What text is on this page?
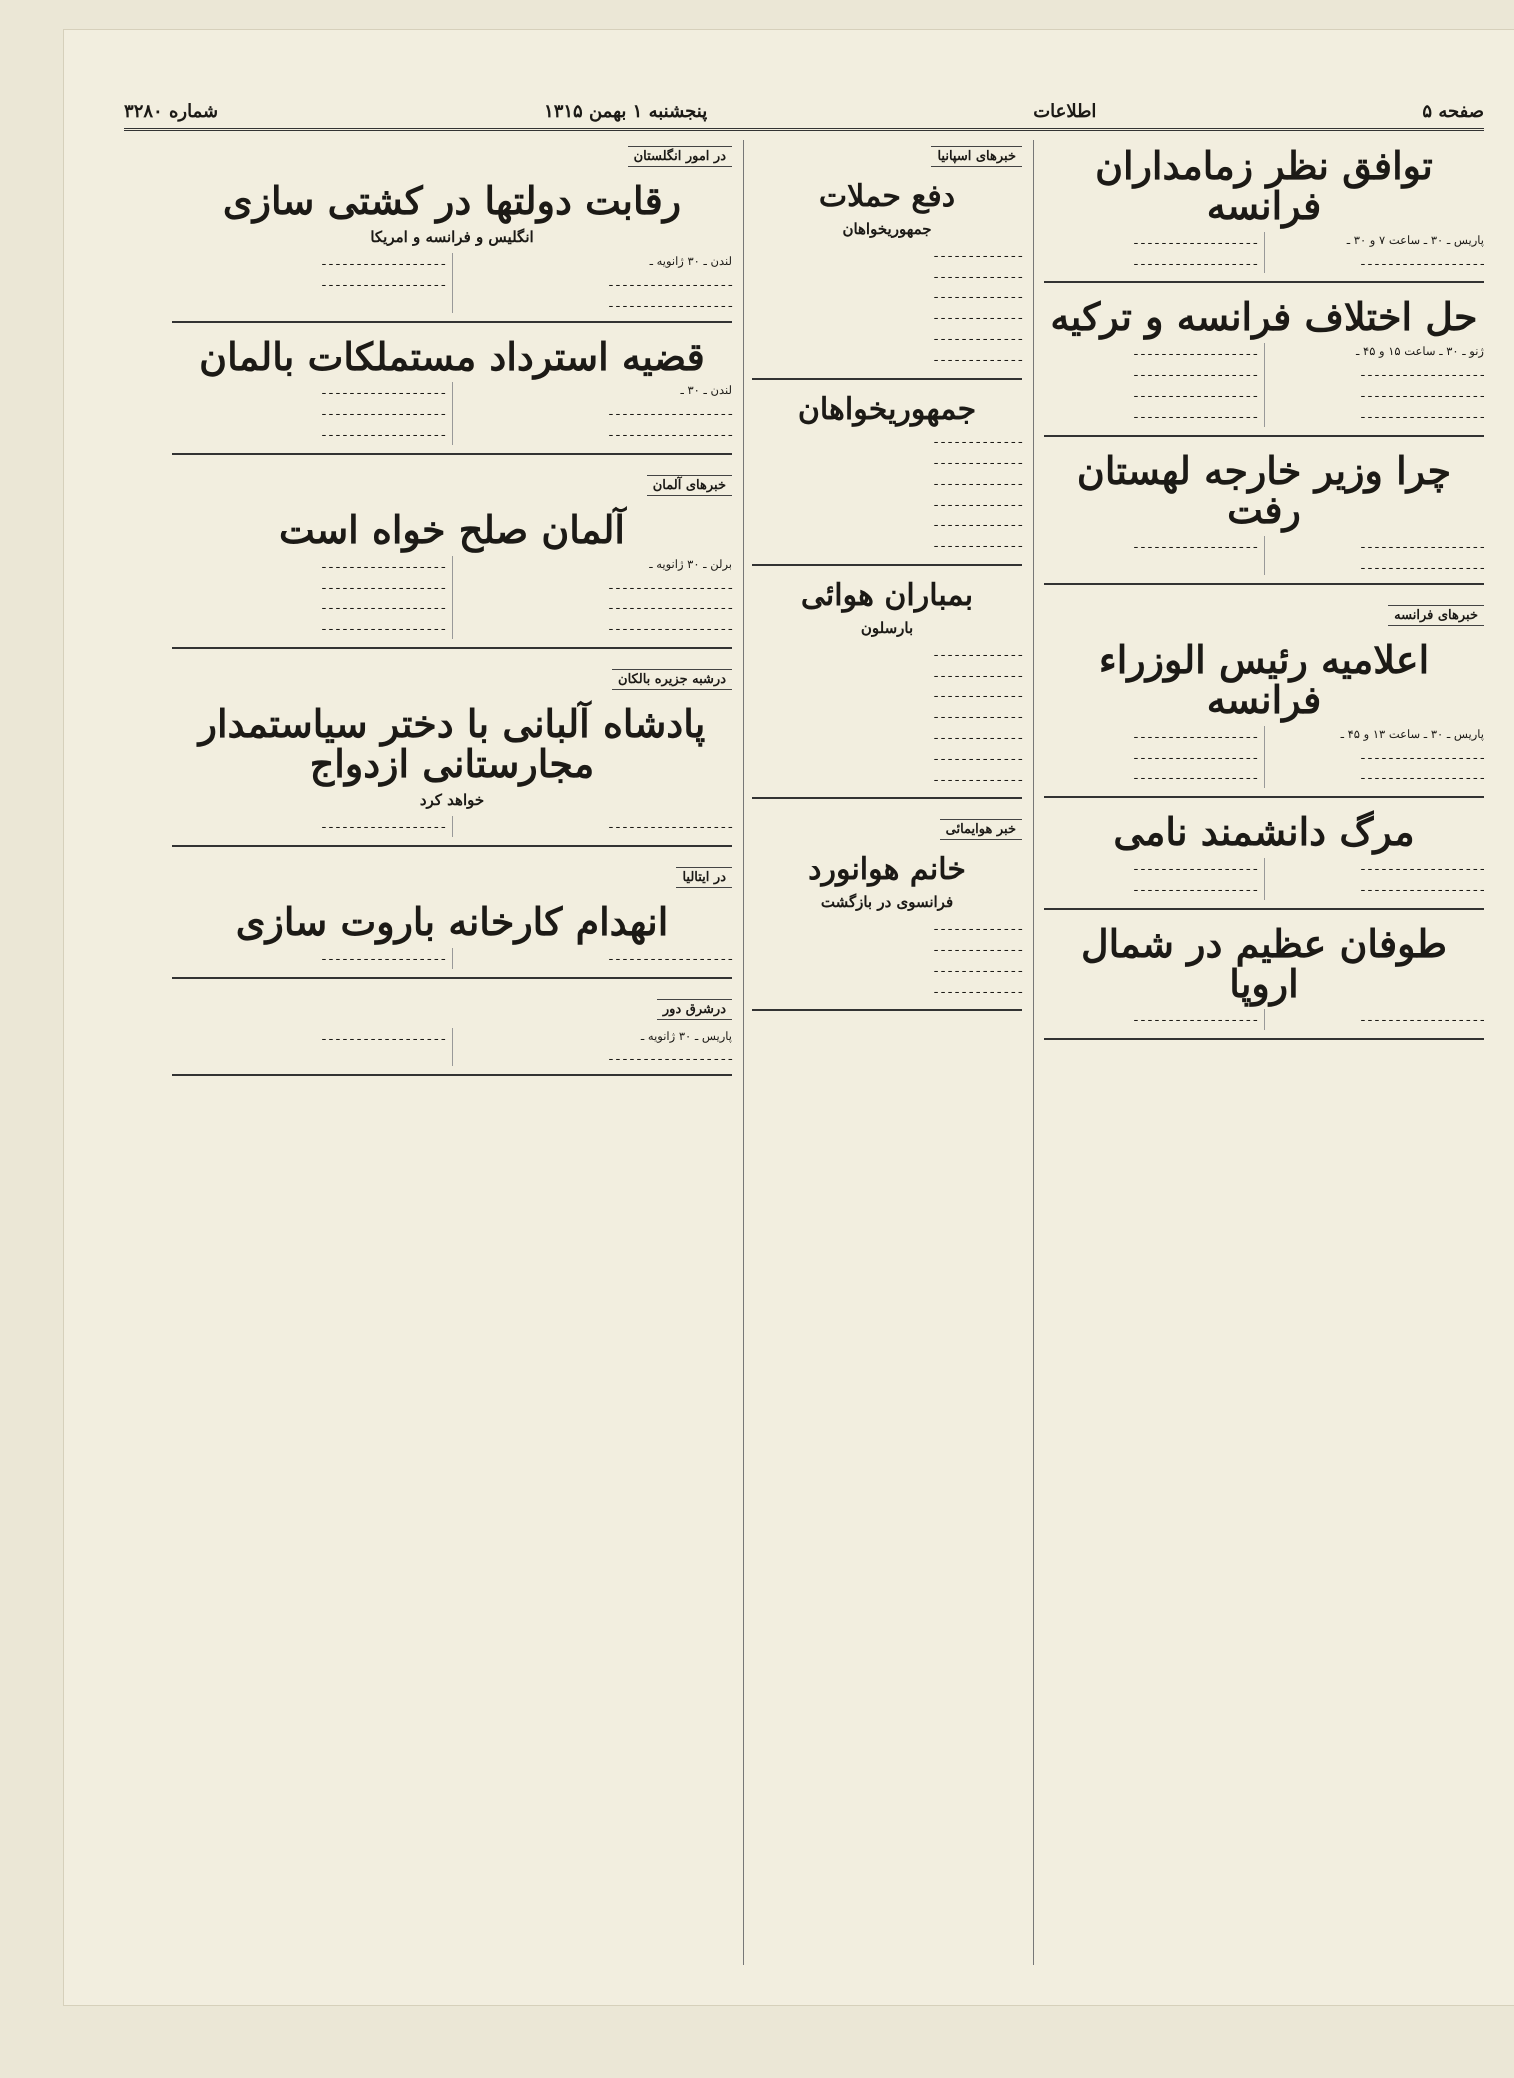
صفحه ۵
اطلاعات
پنجشنبه ۱ بهمن ۱۳۱۵
شماره ۳۲۸۰
توافق نظر زمامداران فرانسه

پاریس ـ ۳۰ ـ ساعت ۷ و ۳۰ ـ

ـ ـ ـ ـ ـ ـ ـ ـ ـ ـ ـ ـ ـ ـ ـ ـ ـ ـ

ـ ـ ـ ـ ـ ـ ـ ـ ـ ـ ـ ـ ـ ـ ـ ـ ـ ـ

ـ ـ ـ ـ ـ ـ ـ ـ ـ ـ ـ ـ ـ ـ ـ ـ ـ ـ

حل اختلاف فرانسه و ترکیه

ژنو ـ ۳۰ ـ ساعت ۱۵ و ۴۵ ـ

ـ ـ ـ ـ ـ ـ ـ ـ ـ ـ ـ ـ ـ ـ ـ ـ ـ ـ

ـ ـ ـ ـ ـ ـ ـ ـ ـ ـ ـ ـ ـ ـ ـ ـ ـ ـ

ـ ـ ـ ـ ـ ـ ـ ـ ـ ـ ـ ـ ـ ـ ـ ـ ـ ـ

ـ ـ ـ ـ ـ ـ ـ ـ ـ ـ ـ ـ ـ ـ ـ ـ ـ ـ

ـ ـ ـ ـ ـ ـ ـ ـ ـ ـ ـ ـ ـ ـ ـ ـ ـ ـ

ـ ـ ـ ـ ـ ـ ـ ـ ـ ـ ـ ـ ـ ـ ـ ـ ـ ـ

ـ ـ ـ ـ ـ ـ ـ ـ ـ ـ ـ ـ ـ ـ ـ ـ ـ ـ

چرا وزیر خارجه لهستان رفت

ـ ـ ـ ـ ـ ـ ـ ـ ـ ـ ـ ـ ـ ـ ـ ـ ـ ـ

ـ ـ ـ ـ ـ ـ ـ ـ ـ ـ ـ ـ ـ ـ ـ ـ ـ ـ

ـ ـ ـ ـ ـ ـ ـ ـ ـ ـ ـ ـ ـ ـ ـ ـ ـ ـ

خبرهای فرانسه
اعلامیه رئیس الوزراء فرانسه

پاریس ـ ۳۰ ـ ساعت ۱۳ و ۴۵ ـ

ـ ـ ـ ـ ـ ـ ـ ـ ـ ـ ـ ـ ـ ـ ـ ـ ـ ـ

ـ ـ ـ ـ ـ ـ ـ ـ ـ ـ ـ ـ ـ ـ ـ ـ ـ ـ

ـ ـ ـ ـ ـ ـ ـ ـ ـ ـ ـ ـ ـ ـ ـ ـ ـ ـ

ـ ـ ـ ـ ـ ـ ـ ـ ـ ـ ـ ـ ـ ـ ـ ـ ـ ـ

ـ ـ ـ ـ ـ ـ ـ ـ ـ ـ ـ ـ ـ ـ ـ ـ ـ ـ

مرگ دانشمند نامی

ـ ـ ـ ـ ـ ـ ـ ـ ـ ـ ـ ـ ـ ـ ـ ـ ـ ـ

ـ ـ ـ ـ ـ ـ ـ ـ ـ ـ ـ ـ ـ ـ ـ ـ ـ ـ

ـ ـ ـ ـ ـ ـ ـ ـ ـ ـ ـ ـ ـ ـ ـ ـ ـ ـ

ـ ـ ـ ـ ـ ـ ـ ـ ـ ـ ـ ـ ـ ـ ـ ـ ـ ـ

طوفان عظیم در شمال اروپا

ـ ـ ـ ـ ـ ـ ـ ـ ـ ـ ـ ـ ـ ـ ـ ـ ـ ـ

ـ ـ ـ ـ ـ ـ ـ ـ ـ ـ ـ ـ ـ ـ ـ ـ ـ ـ

خبرهای اسپانیا
دفع حملات
جمهوریخواهان

ـ ـ ـ ـ ـ ـ ـ ـ ـ ـ ـ ـ ـ

ـ ـ ـ ـ ـ ـ ـ ـ ـ ـ ـ ـ ـ

ـ ـ ـ ـ ـ ـ ـ ـ ـ ـ ـ ـ ـ

ـ ـ ـ ـ ـ ـ ـ ـ ـ ـ ـ ـ ـ

ـ ـ ـ ـ ـ ـ ـ ـ ـ ـ ـ ـ ـ

ـ ـ ـ ـ ـ ـ ـ ـ ـ ـ ـ ـ ـ

جمهوریخواهان

ـ ـ ـ ـ ـ ـ ـ ـ ـ ـ ـ ـ ـ

ـ ـ ـ ـ ـ ـ ـ ـ ـ ـ ـ ـ ـ

ـ ـ ـ ـ ـ ـ ـ ـ ـ ـ ـ ـ ـ

ـ ـ ـ ـ ـ ـ ـ ـ ـ ـ ـ ـ ـ

ـ ـ ـ ـ ـ ـ ـ ـ ـ ـ ـ ـ ـ

ـ ـ ـ ـ ـ ـ ـ ـ ـ ـ ـ ـ ـ

بمباران هوائی
بارسلون

ـ ـ ـ ـ ـ ـ ـ ـ ـ ـ ـ ـ ـ

ـ ـ ـ ـ ـ ـ ـ ـ ـ ـ ـ ـ ـ

ـ ـ ـ ـ ـ ـ ـ ـ ـ ـ ـ ـ ـ

ـ ـ ـ ـ ـ ـ ـ ـ ـ ـ ـ ـ ـ

ـ ـ ـ ـ ـ ـ ـ ـ ـ ـ ـ ـ ـ

ـ ـ ـ ـ ـ ـ ـ ـ ـ ـ ـ ـ ـ

ـ ـ ـ ـ ـ ـ ـ ـ ـ ـ ـ ـ ـ

خبر هوایمائی
خانم هوانورد
فرانسوی در بازگشت

ـ ـ ـ ـ ـ ـ ـ ـ ـ ـ ـ ـ ـ

ـ ـ ـ ـ ـ ـ ـ ـ ـ ـ ـ ـ ـ

ـ ـ ـ ـ ـ ـ ـ ـ ـ ـ ـ ـ ـ

ـ ـ ـ ـ ـ ـ ـ ـ ـ ـ ـ ـ ـ

در امور انگلستان
رقابت دولتها در کشتی سازی
انگلیس و فرانسه و امریکا

لندن ـ ۳۰ ژانویه ـ

ـ ـ ـ ـ ـ ـ ـ ـ ـ ـ ـ ـ ـ ـ ـ ـ ـ ـ

ـ ـ ـ ـ ـ ـ ـ ـ ـ ـ ـ ـ ـ ـ ـ ـ ـ ـ

ـ ـ ـ ـ ـ ـ ـ ـ ـ ـ ـ ـ ـ ـ ـ ـ ـ ـ

ـ ـ ـ ـ ـ ـ ـ ـ ـ ـ ـ ـ ـ ـ ـ ـ ـ ـ

قضیه استرداد مستملکات بالمان

لندن ـ ۳۰ ـ

ـ ـ ـ ـ ـ ـ ـ ـ ـ ـ ـ ـ ـ ـ ـ ـ ـ ـ

ـ ـ ـ ـ ـ ـ ـ ـ ـ ـ ـ ـ ـ ـ ـ ـ ـ ـ

ـ ـ ـ ـ ـ ـ ـ ـ ـ ـ ـ ـ ـ ـ ـ ـ ـ ـ

ـ ـ ـ ـ ـ ـ ـ ـ ـ ـ ـ ـ ـ ـ ـ ـ ـ ـ

ـ ـ ـ ـ ـ ـ ـ ـ ـ ـ ـ ـ ـ ـ ـ ـ ـ ـ

خبرهای آلمان
آلمان صلح خواه است

برلن ـ ۳۰ ژانویه ـ

ـ ـ ـ ـ ـ ـ ـ ـ ـ ـ ـ ـ ـ ـ ـ ـ ـ ـ

ـ ـ ـ ـ ـ ـ ـ ـ ـ ـ ـ ـ ـ ـ ـ ـ ـ ـ

ـ ـ ـ ـ ـ ـ ـ ـ ـ ـ ـ ـ ـ ـ ـ ـ ـ ـ

ـ ـ ـ ـ ـ ـ ـ ـ ـ ـ ـ ـ ـ ـ ـ ـ ـ ـ

ـ ـ ـ ـ ـ ـ ـ ـ ـ ـ ـ ـ ـ ـ ـ ـ ـ ـ

ـ ـ ـ ـ ـ ـ ـ ـ ـ ـ ـ ـ ـ ـ ـ ـ ـ ـ

ـ ـ ـ ـ ـ ـ ـ ـ ـ ـ ـ ـ ـ ـ ـ ـ ـ ـ

درشبه جزیره بالکان
پادشاه آلبانی با دختر سیاستمدار مجارستانی ازدواج
خواهد کرد

ـ ـ ـ ـ ـ ـ ـ ـ ـ ـ ـ ـ ـ ـ ـ ـ ـ ـ

ـ ـ ـ ـ ـ ـ ـ ـ ـ ـ ـ ـ ـ ـ ـ ـ ـ ـ

در ایتالیا
انهدام کارخانه باروت سازی

ـ ـ ـ ـ ـ ـ ـ ـ ـ ـ ـ ـ ـ ـ ـ ـ ـ ـ

ـ ـ ـ ـ ـ ـ ـ ـ ـ ـ ـ ـ ـ ـ ـ ـ ـ ـ

درشرق دور

پاریس ـ ۳۰ ژانویه ـ

ـ ـ ـ ـ ـ ـ ـ ـ ـ ـ ـ ـ ـ ـ ـ ـ ـ ـ

ـ ـ ـ ـ ـ ـ ـ ـ ـ ـ ـ ـ ـ ـ ـ ـ ـ ـ
